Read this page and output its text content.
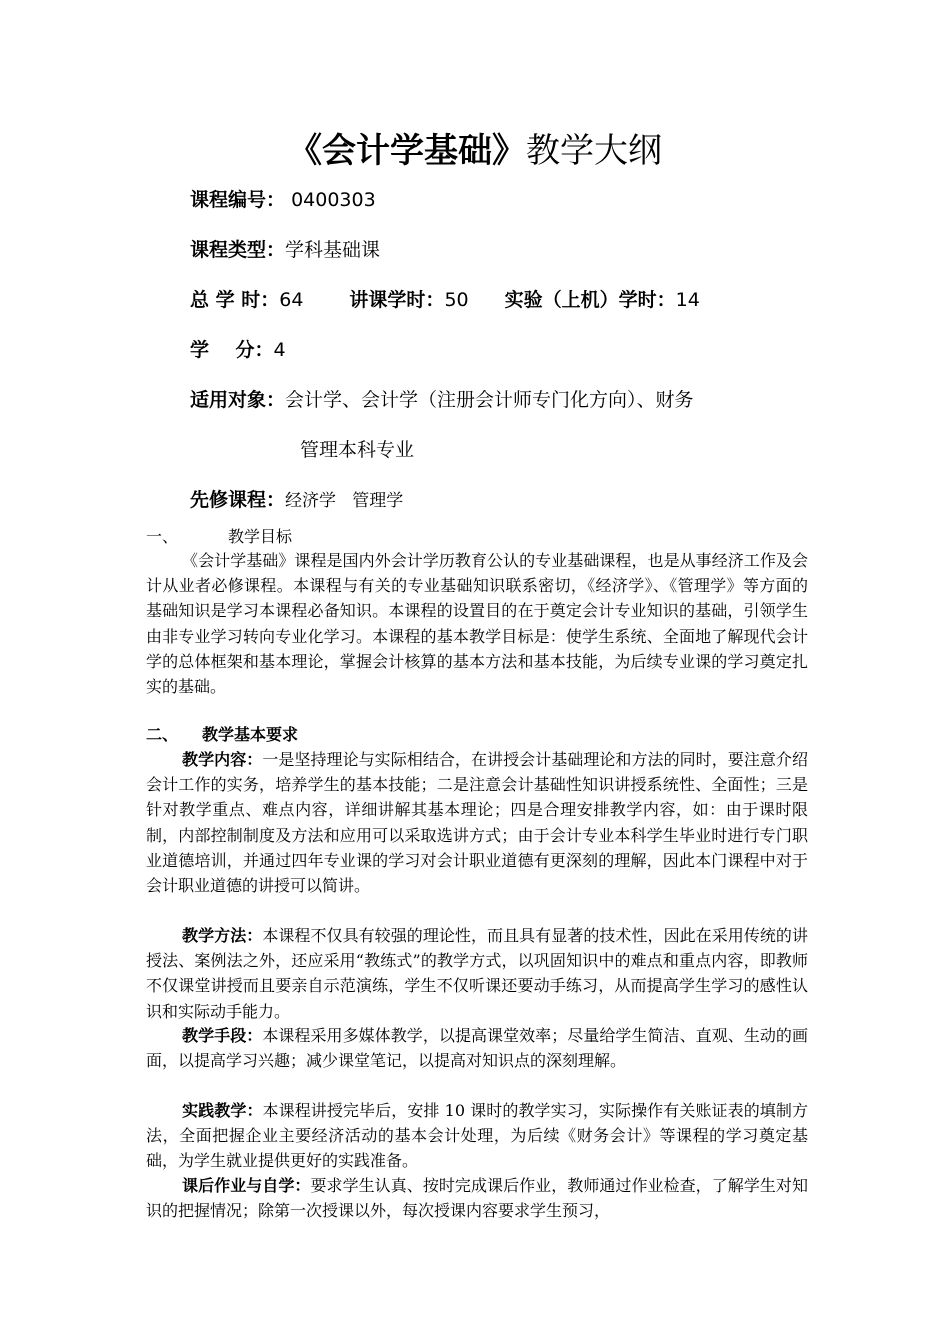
《会计学基础》教学大纲
课程编号： 0400303
课程类型：学科基础课
总 学 时：64 讲课学时：50 实验（上机）学时：14
学    分：4
适用对象：会计学、会计学（注册会计师专门化方向）、财务
管理本科专业
先修课程：经济学   管理学
一、	教学目标
《会计学基础》课程是国内外会计学历教育公认的专业基础课程，也是从事经济工作及会计从业者必修课程。本课程与有关的专业基础知识联系密切，《经济学》、《管理学》等方面的基础知识是学习本课程必备知识。本课程的设置目的在于奠定会计专业知识的基础，引领学生由非专业学习转向专业化学习。本课程的基本教学目标是：使学生系统、全面地了解现代会计学的总体框架和基本理论，掌握会计核算的基本方法和基本技能，为后续专业课的学习奠定扎实的基础。
二、 教学基本要求
教学内容：一是坚持理论与实际相结合，在讲授会计基础理论和方法的同时，要注意介绍会计工作的实务，培养学生的基本技能；二是注意会计基础性知识讲授系统性、全面性；三是针对教学重点、难点内容，详细讲解其基本理论；四是合理安排教学内容，如：由于课时限制，内部控制制度及方法和应用可以采取选讲方式；由于会计专业本科学生毕业时进行专门职业道德培训，并通过四年专业课的学习对会计职业道德有更深刻的理解，因此本门课程中对于会计职业道德的讲授可以简讲。
教学方法：本课程不仅具有较强的理论性，而且具有显著的技术性，因此在采用传统的讲授法、案例法之外，还应采用“教练式”的教学方式，以巩固知识中的难点和重点内容，即教师不仅课堂讲授而且要亲自示范演练，学生不仅听课还要动手练习，从而提高学生学习的感性认识和实际动手能力。
教学手段：本课程采用多媒体教学，以提高课堂效率；尽量给学生简洁、直观、生动的画面，以提高学习兴趣；减少课堂笔记，以提高对知识点的深刻理解。
实践教学：本课程讲授完毕后，安排 10 课时的教学实习，实际操作有关账证表的填制方法，全面把握企业主要经济活动的基本会计处理，为后续《财务会计》等课程的学习奠定基础，为学生就业提供更好的实践准备。
课后作业与自学：要求学生认真、按时完成课后作业，教师通过作业检查，了解学生对知识的把握情况；除第一次授课以外，每次授课内容要求学生预习，
